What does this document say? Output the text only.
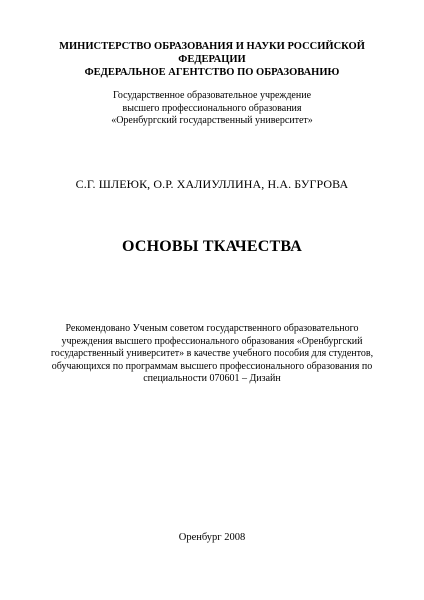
МИНИСТЕРСТВО ОБРАЗОВАНИЯ И НАУКИ РОССИЙСКОЙ
ФЕДЕРАЦИИ
ФЕДЕРАЛЬНОЕ АГЕНТСТВО ПО ОБРАЗОВАНИЮ
Государственное образовательное учреждение
высшего профессионального образования
«Оренбургский государственный университет»
С.Г. ШЛЕЮК, О.Р. ХАЛИУЛЛИНА, Н.А. БУГРОВА
ОСНОВЫ ТКАЧЕСТВА
Рекомендовано Ученым советом государственного образовательного
учреждения высшего профессионального образования «Оренбургский
государственный университет» в качестве учебного пособия для студентов,
обучающихся по программам высшего профессионального образования по
специальности 070601 – Дизайн
Оренбург 2008
